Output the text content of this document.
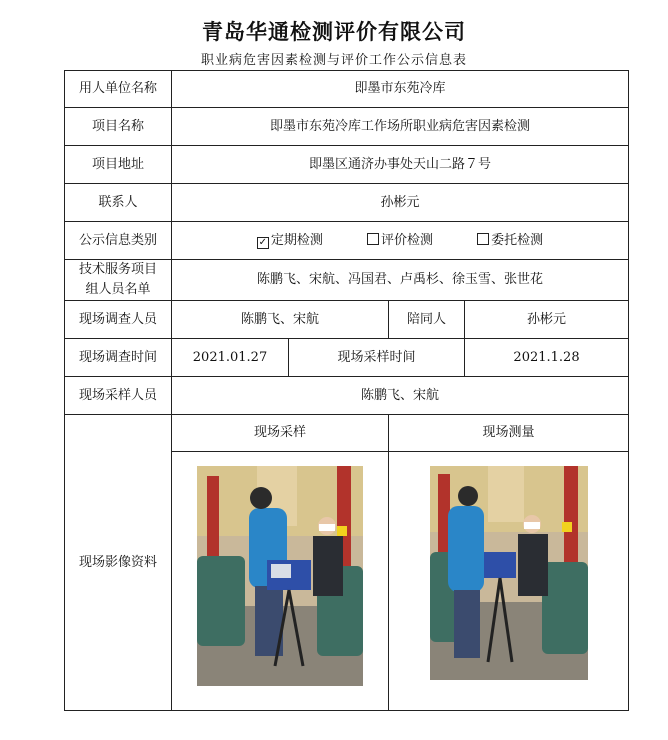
青岛华通检测评价有限公司
职业病危害因素检测与评价工作公示信息表
用人单位名称	即墨市东苑冷库			
项目名称	即墨市东苑冷库工作场所职业病危害因素检测			
项目地址	即墨区通济办事处天山二路７号			
联系人	孙彬元			
公示信息类别	✓ 定期检测 评价检测 委托检测			

技术服务项目
组人员名单	陈鹏飞、宋航、冯国君、卢禹杉、徐玉雪、张世花			
现场调查人员	陈鹏飞、宋航		陪同人	孙彬元
现场调查时间	2021.01.27	现场采样时间		2021.1.28
现场采样人员	陈鹏飞、宋航			
现场影像资料	现场采样		现场测量	
